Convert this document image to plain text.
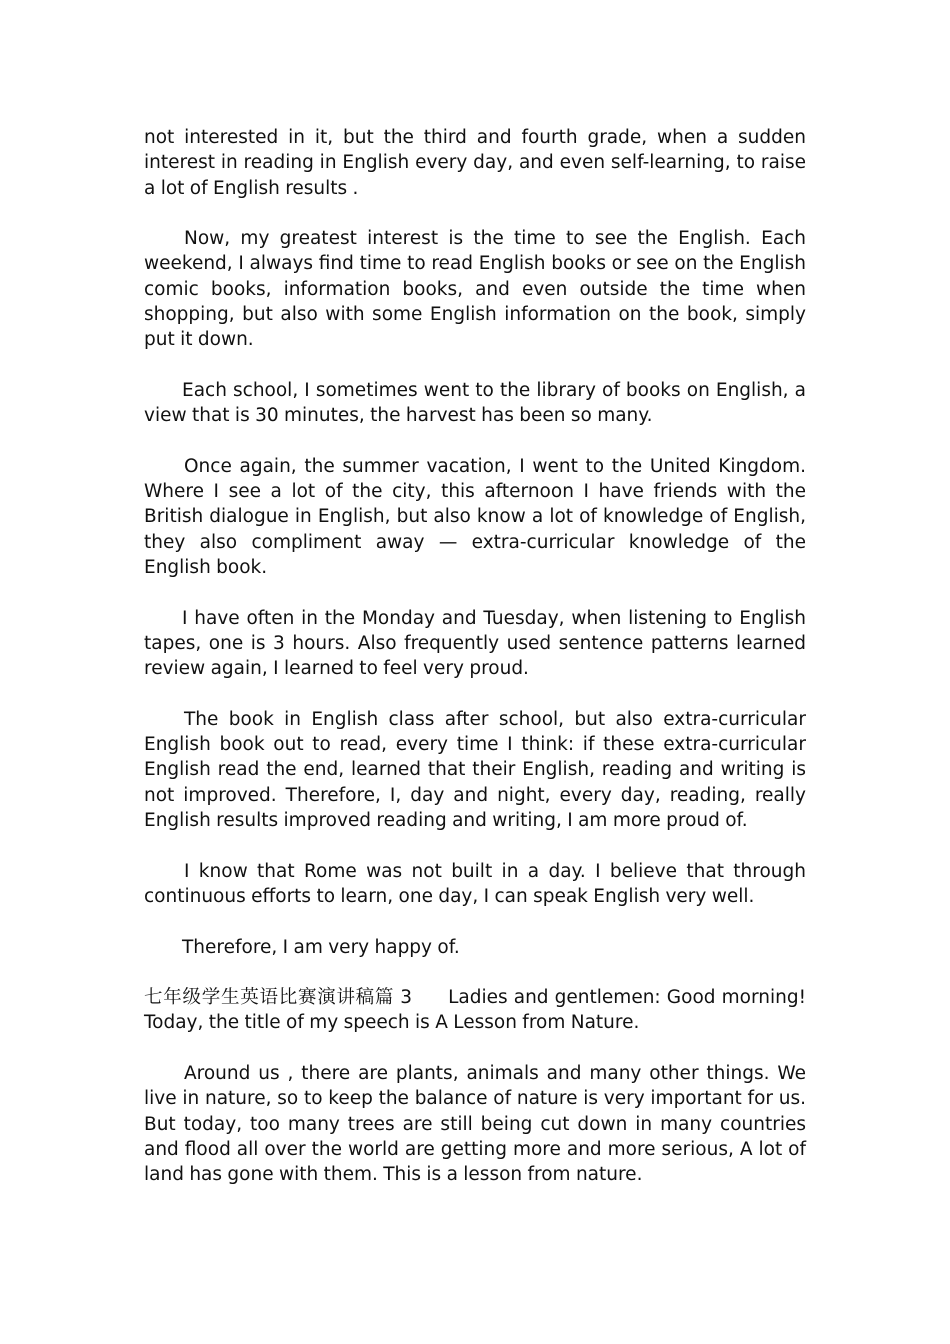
not interested in it, but the third and fourth grade, when a sudden interest in reading in English every day, and even self-learning, to raise a lot of English results .

Now, my greatest interest is the time to see the English. Each weekend, I always find time to read English books or see on the English comic books, information books, and even outside the time when shopping, but also with some English information on the book, simply put it down.

Each school, I sometimes went to the library of books on English, a view that is 30 minutes, the harvest has been so many.

Once again, the summer vacation, I went to the United Kingdom. Where I see a lot of the city, this afternoon I have friends with the British dialogue in English, but also know a lot of knowledge of English, they also compliment away — extra-curricular knowledge of the English book.

I have often in the Monday and Tuesday, when listening to English tapes, one is 3 hours. Also frequently used sentence patterns learned review again, I learned to feel very proud.

The book in English class after school, but also extra-curricular English book out to read, every time I think: if these extra-curricular English read the end, learned that their English, reading and writing is not improved. Therefore, I, day and night, every day, reading, really English results improved reading and writing, I am more proud of.

I know that Rome was not built in a day. I believe that through continuous efforts to learn, one day, I can speak English very well.

Therefore, I am very happy of.

七年级学生英语比赛演讲稿篇 3 Ladies and gentlemen: Good morning! Today, the title of my speech is A Lesson from Nature.

Around us , there are plants, animals and many other things. We live in nature, so to keep the balance of nature is very important for us. But today, too many trees are still being cut down in many countries and flood all over the world are getting more and more serious, A lot of land has gone with them. This is a lesson from nature.
